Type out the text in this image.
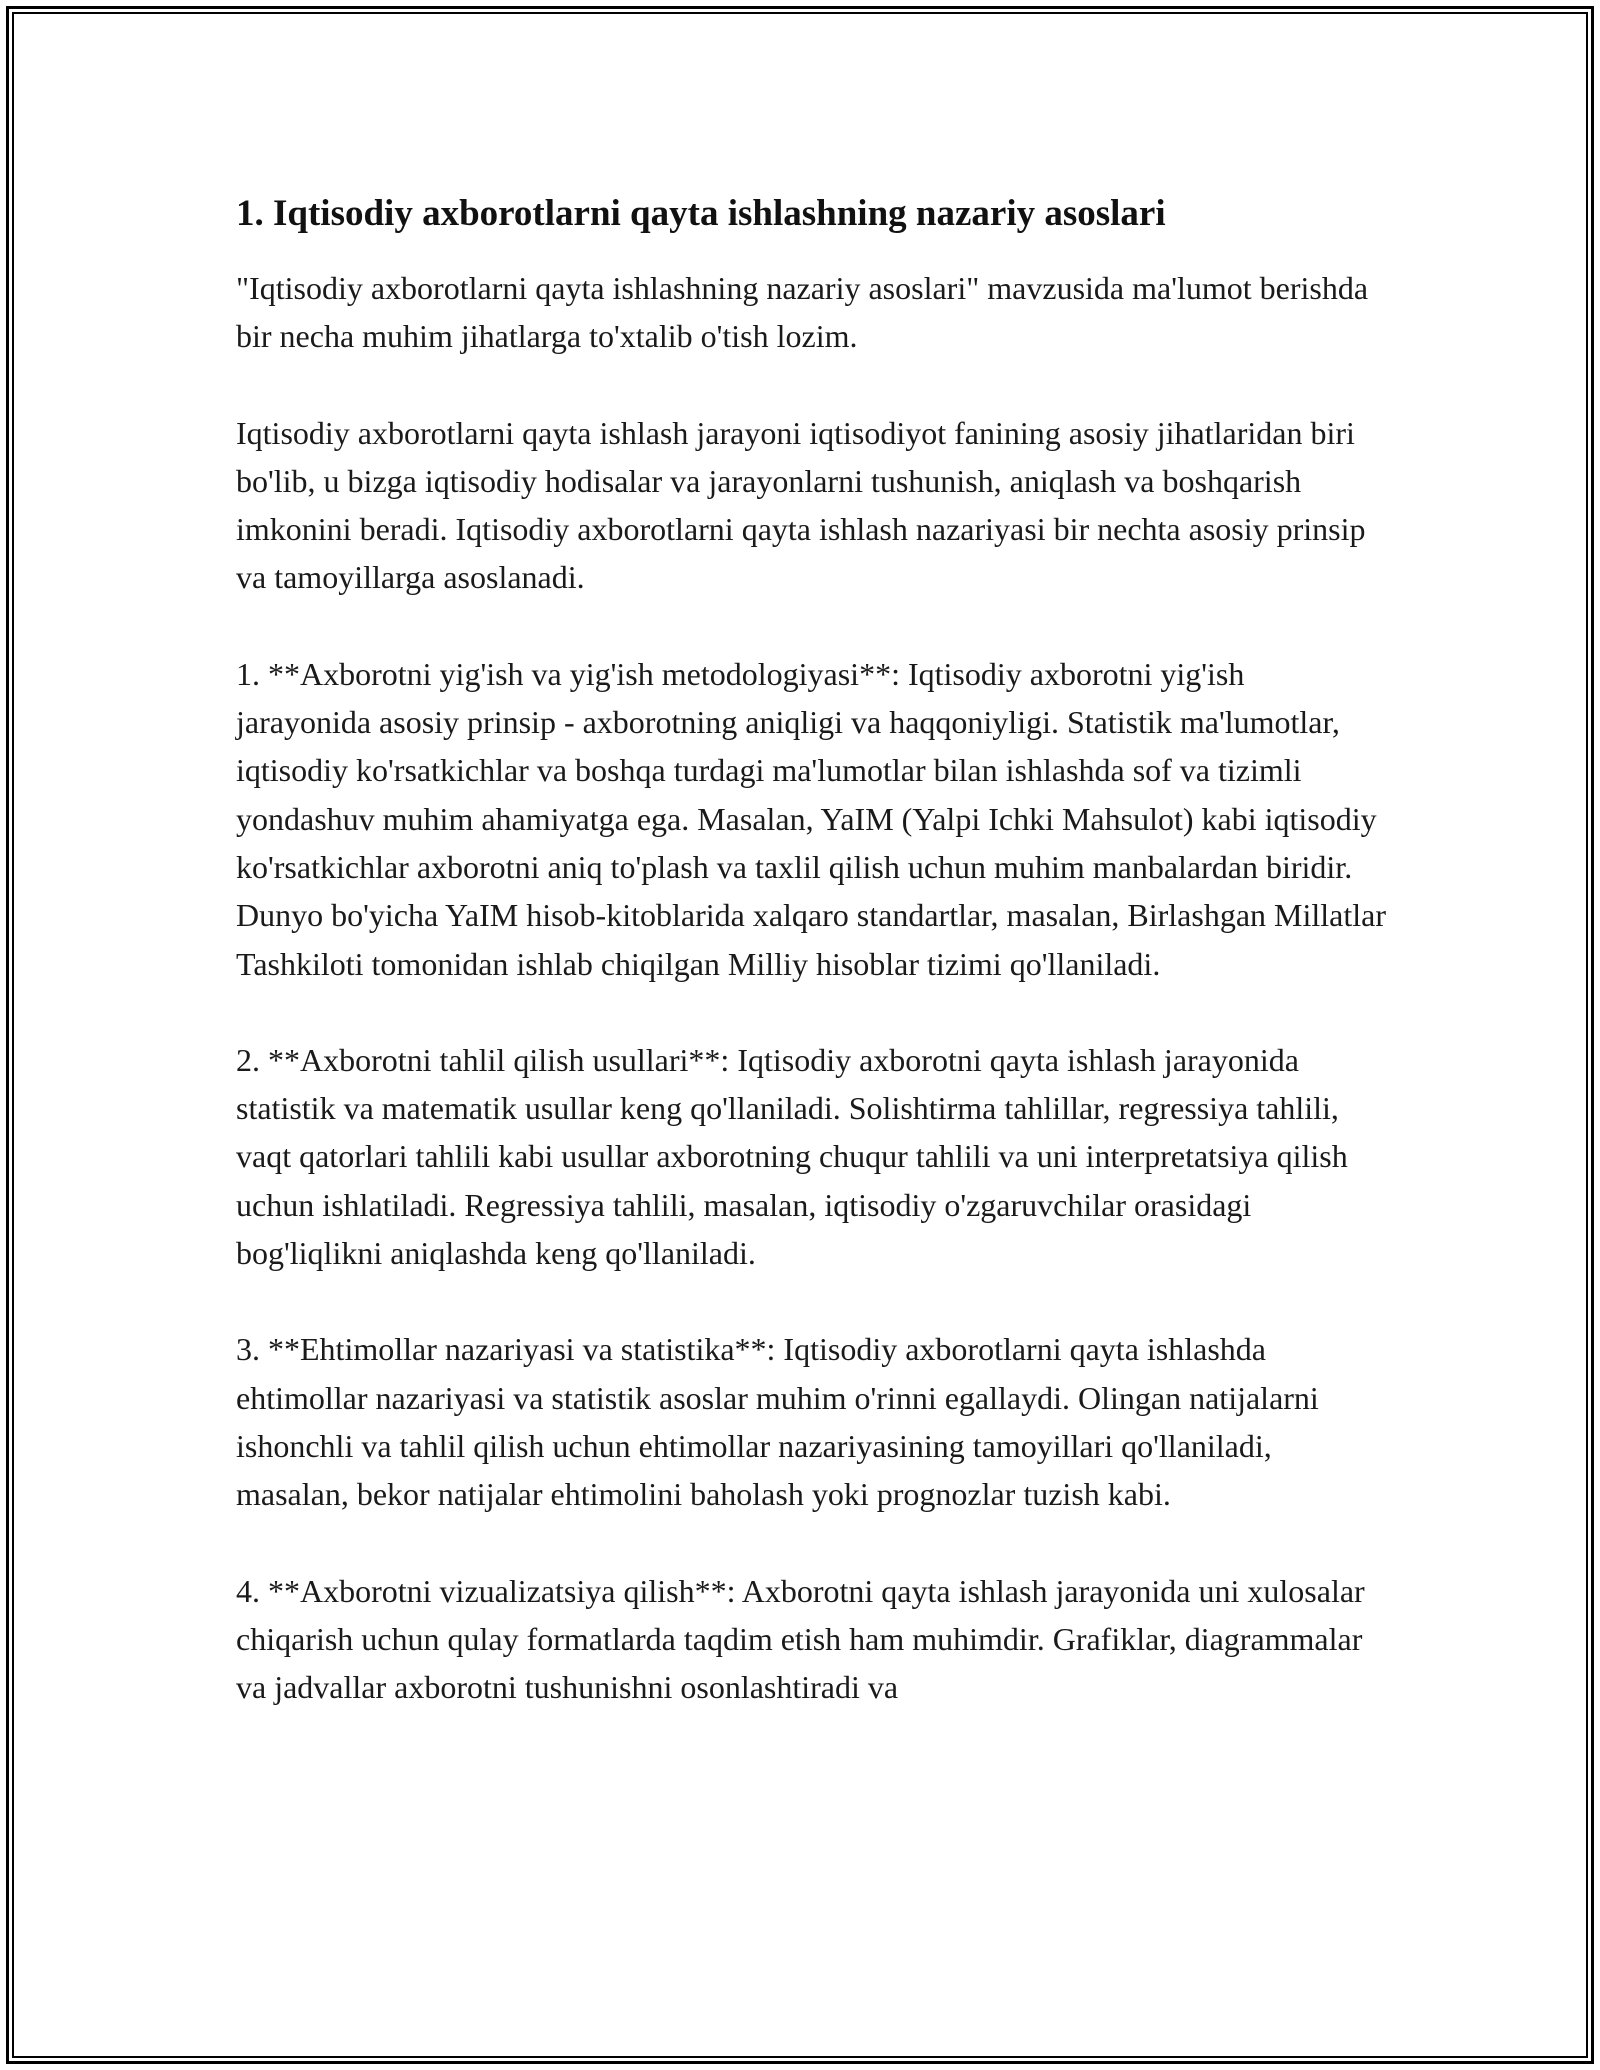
1. Iqtisodiy axborotlarni qayta ishlashning nazariy asoslari

"Iqtisodiy axborotlarni qayta ishlashning nazariy asoslari" mavzusida ma'lumot berishda bir necha muhim jihatlarga to'xtalib o'tish lozim.

Iqtisodiy axborotlarni qayta ishlash jarayoni iqtisodiyot fanining asosiy jihatlaridan biri bo'lib, u bizga iqtisodiy hodisalar va jarayonlarni tushunish, aniqlash va boshqarish imkonini beradi. Iqtisodiy axborotlarni qayta ishlash nazariyasi bir nechta asosiy prinsip va tamoyillarga asoslanadi.

1. **Axborotni yig'ish va yig'ish metodologiyasi**: Iqtisodiy axborotni yig'ish jarayonida asosiy prinsip - axborotning aniqligi va haqqoniyligi. Statistik ma'lumotlar, iqtisodiy ko'rsatkichlar va boshqa turdagi ma'lumotlar bilan ishlashda sof va tizimli yondashuv muhim ahamiyatga ega. Masalan, YaIM (Yalpi Ichki Mahsulot) kabi iqtisodiy ko'rsatkichlar axborotni aniq to'plash va taxlil qilish uchun muhim manbalardan biridir. Dunyo bo'yicha YaIM hisob-kitoblarida xalqaro standartlar, masalan, Birlashgan Millatlar Tashkiloti tomonidan ishlab chiqilgan Milliy hisoblar tizimi qo'llaniladi.

2. **Axborotni tahlil qilish usullari**: Iqtisodiy axborotni qayta ishlash jarayonida statistik va matematik usullar keng qo'llaniladi. Solishtirma tahlillar, regressiya tahlili, vaqt qatorlari tahlili kabi usullar axborotning chuqur tahlili va uni interpretatsiya qilish uchun ishlatiladi. Regressiya tahlili, masalan, iqtisodiy o'zgaruvchilar orasidagi bog'liqlikni aniqlashda keng qo'llaniladi.

3. **Ehtimollar nazariyasi va statistika**: Iqtisodiy axborotlarni qayta ishlashda ehtimollar nazariyasi va statistik asoslar muhim o'rinni egallaydi. Olingan natijalarni ishonchli va tahlil qilish uchun ehtimollar nazariyasining tamoyillari qo'llaniladi, masalan, bekor natijalar ehtimolini baholash yoki prognozlar tuzish kabi.

4. **Axborotni vizualizatsiya qilish**: Axborotni qayta ishlash jarayonida uni xulosalar chiqarish uchun qulay formatlarda taqdim etish ham muhimdir. Grafiklar, diagrammalar va jadvallar axborotni tushunishni osonlashtiradi va
